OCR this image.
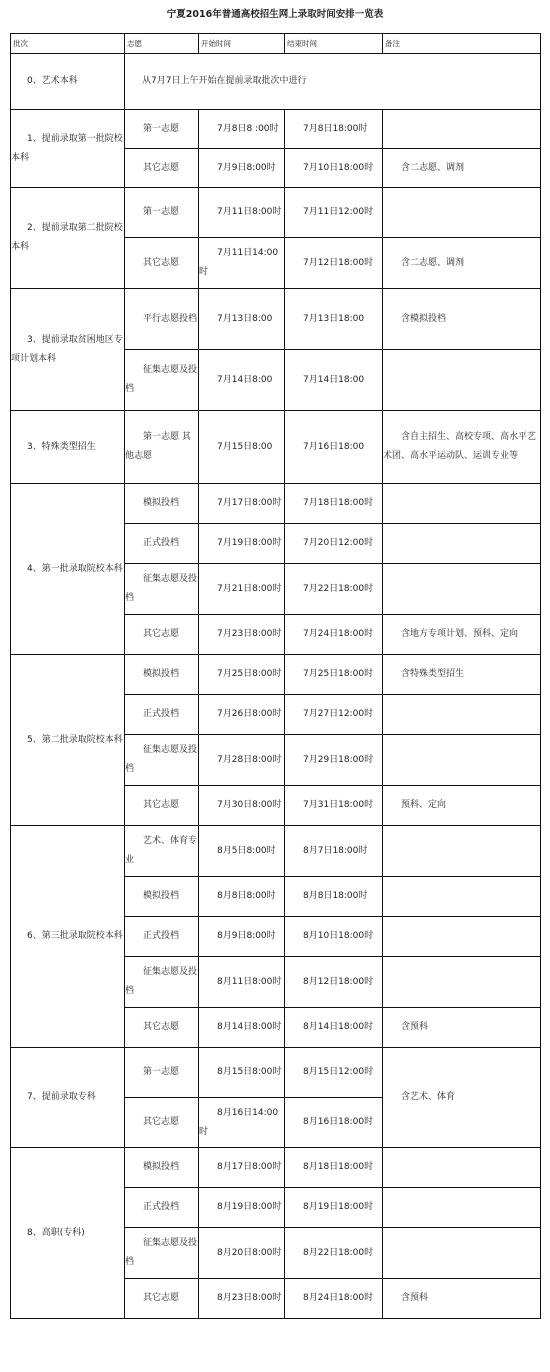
宁夏2016年普通高校招生网上录取时间安排一览表
批次	志愿	开始时间	结束时间	备注
0、艺术本科	从7月7日上午开始在提前录取批次中进行			
1、提前录取第一批院校本科	第一志愿	7月8日8 :00时	7月8日18:00时	
	其它志愿	7月9日8:00时	7月10日18:00时	含二志愿、调剂
2、提前录取第二批院校本科	第一志愿	7月11日8:00时	7月11日12:00时	
	其它志愿	7月11日14:00时	7月12日18:00时	含二志愿、调剂
3、提前录取贫困地区专项计划本科	平行志愿投档	7月13日8:00	7月13日18:00	含模拟投档
	征集志愿及投档	7月14日8:00	7月14日18:00	
3、特殊类型招生	第一志愿 其他志愿	7月15日8:00	7月16日18:00	含自主招生、高校专项、高水平艺术团、高水平运动队、运训专业等
4、第一批录取院校本科	模拟投档	7月17日8:00时	7月18日18:00时	
	正式投档	7月19日8:00时	7月20日12:00时	
	征集志愿及投档	7月21日8:00时	7月22日18:00时	
	其它志愿	7月23日8:00时	7月24日18:00时	含地方专项计划、预科、定向
5、第二批录取院校本科	模拟投档	7月25日8:00时	7月25日18:00时	含特殊类型招生
	正式投档	7月26日8:00时	7月27日12:00时	
	征集志愿及投档	7月28日8:00时	7月29日18:00时	
	其它志愿	7月30日8:00时	7月31日18:00时	预科、定向
6、第三批录取院校本科	艺术、体育专业	8月5日8:00时	8月7日18:00时	
	模拟投档	8月8日8:00时	8月8日18:00时	
	正式投档	8月9日8:00时	8月10日18:00时	
	征集志愿及投档	8月11日8:00时	8月12日18:00时	
	其它志愿	8月14日8:00时	8月14日18:00时	含预科
7、提前录取专科	第一志愿	8月15日8:00时	8月15日12:00时	含艺术、体育
	其它志愿	8月16日14:00时	8月16日18:00时	
8、高职(专科)	模拟投档	8月17日8:00时	8月18日18:00时	
	正式投档	8月19日8:00时	8月19日18:00时	
	征集志愿及投档	8月20日8:00时	8月22日18:00时	
	其它志愿	8月23日8:00时	8月24日18:00时	含预科
